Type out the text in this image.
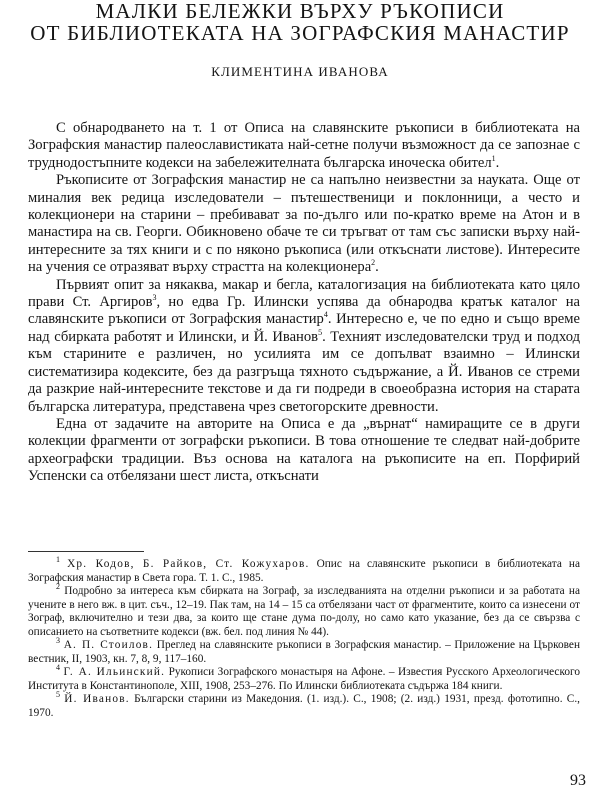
МАЛКИ БЕЛЕЖКИ ВЪРХУ РЪКОПИСИ
ОТ БИБЛИОТЕКАТА НА ЗОГРАФСКИЯ МАНАСТИР
КЛИМЕНТИНА ИВАНОВА

С обнародването на т. 1 от Описа на славянските ръкописи в библиотеката на Зографския манастир палеославистиката най-сетне получи възможност да се запознае с труднодостъпните кодекси на забележителната българска иноческа обител$^1$.

Ръкописите от Зографския манастир не са напълно неизвестни за науката. Още от миналия век редица изследователи – пътешественици и поклонници, а често и колекционери на старини – пребивават за по-дълго или по-кратко време на Атон и в манастира на св. Георги. Обикновено обаче те си тръгват от там със записки върху най-интересните за тях книги и с по няконо ръкописа (или откъснати листове). Интересите на учения се отразяват върху страстта на колекционера$^2$.

Първият опит за някаква, макар и бегла, каталогизация на библиотеката като цяло прави Ст. Аргиров$^3$, но едва Гр. Илински успява да обнародва кратък каталог на славянските ръкописи от Зографския манастир$^4$. Интересно е, че по едно и също време над сбирката работят и Илински, и Й. Иванов$^5$. Техният изследователски труд и подход към старините е различен, но усилията им се допълват взаимно – Илински систематизира кодексите, без да разгръща тяхното съдържание, а Й. Иванов се стреми да разкрие най-интересните текстове и да ги подреди в своеобразна история на старата българска литература, представена чрез светогорските древности.

Една от задачите на авторите на Описа е да „върнат“ намиращите се в други колекции фрагменти от зографски ръкописи. В това отношение те следват най-добрите археографски традиции. Въз основа на каталога на ръкописите на еп. Порфирий Успенски са отбелязани шест листа, откъснати

$^1$ Хр. Кодов, Б. Райков, Ст. Кожухаров. Опис на славянските ръкописи в библиотеката на Зографския манастир в Света гора. Т. 1. С., 1985.

$^2$ Подробно за интереса към сбирката на Зограф, за изследванията на отделни ръкописи и за работата на учените в него вж. в цит. съч., 12–19. Пак там, на 14 – 15 са отбелязани част от фрагментите, които са изнесени от Зограф, включително и тези два, за които ще стане дума по-долу, но само като указание, без да се свързва с описанието на съответните кодекси (вж. бел. под линия № 44).

$^3$ А. П. Стоилов. Преглед на славянските ръкописи в Зографския манастир. – Приложение на Църковен вестник, II, 1903, кн. 7, 8, 9, 117–160.

$^4$ Г. А. Ильинский. Рукописи Зографского монастыря на Афоне. – Известия Русского Археологического Института в Константинополе, XIII, 1908, 253–276. По Илински библиотеката съдържа 184 книги.

$^5$ Й. Иванов. Български старини из Македония. (1. изд.). С., 1908; (2. изд.) 1931, презд. фототипно. С., 1970.

93
